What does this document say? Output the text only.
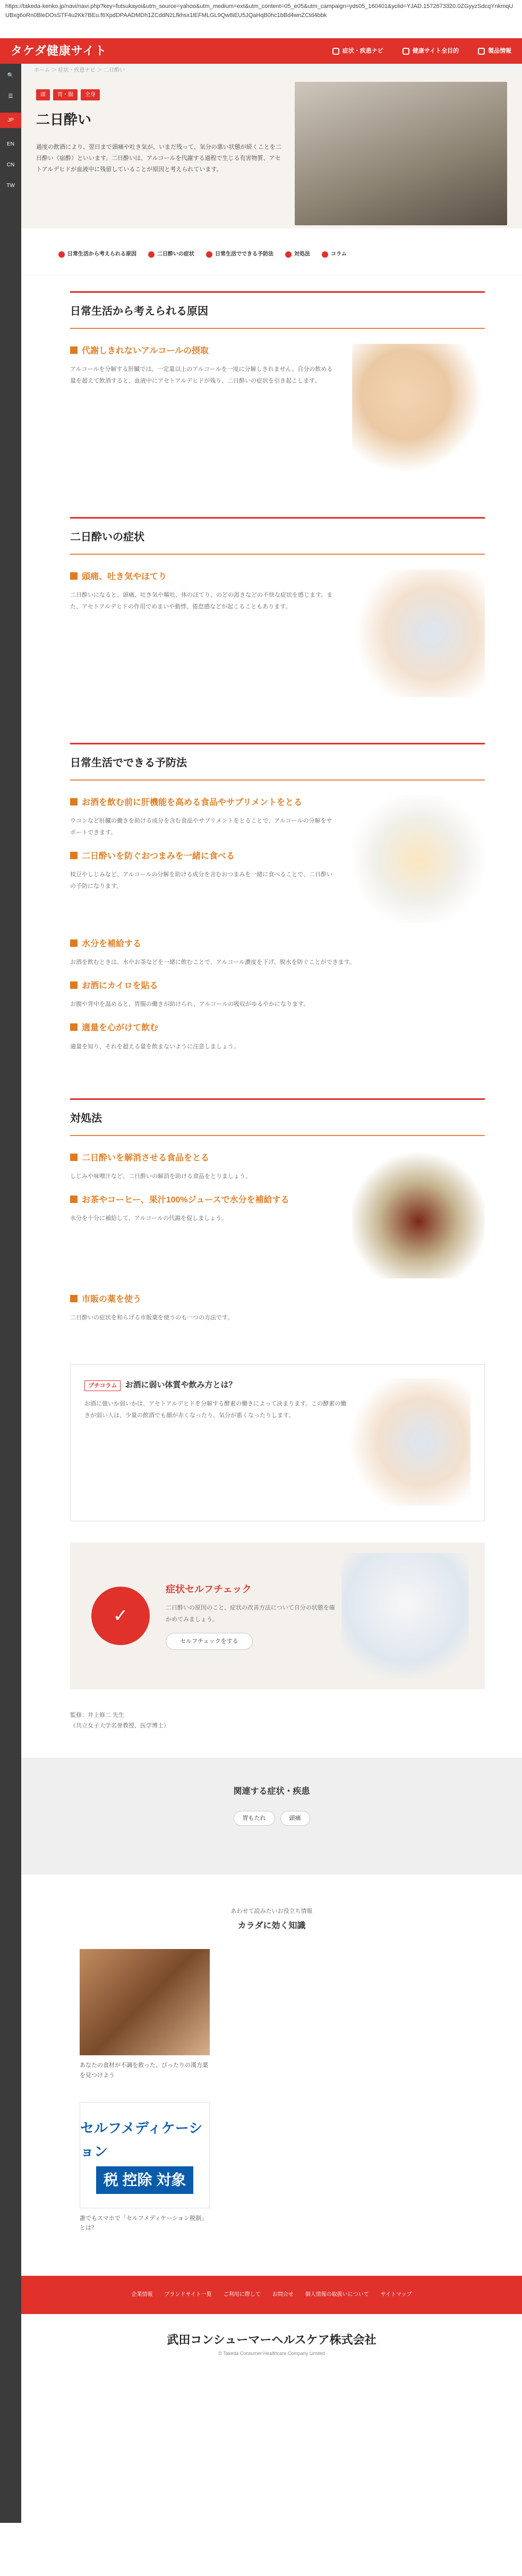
https://takeda-kenko.jp/navi/navi.php?key=futsukayoi&utm_source=yahoo&utm_medium=ext&utm_content=05_e05&utm_campaign=yds05_160401&yclid=YJAD.1572673320.0ZGyyzSdcqYnkmqUUBxg6oRn0BleDOsSTF4u2Kk7BEu.f6XpdDPAADMDh1ZCddN2Lfkhsx1lEFMLGL9Qw8iEU5JQaHqB0hc1bBd4wnZCtd4bbk
タケダ健康サイト	症状・疾患ナビ	健康サイト全目的	製品情報
🔍
☰
JP
EN
CN
TW
ホーム ＞ 症状・疾患ナビ ＞ 二日酔い
頭	胃・腸	全身
二日酔い

過度の飲酒により、翌日まで頭痛や吐き気が、いまだ残って、気分の悪い状態が続くことを二日酔い（宿酔）といいます。二日酔いは、アルコールを代謝する過程で生じる有害物質、アセトアルデヒドが血液中に残留していることが原因と考えられています。

日常生活から考えられる原因	二日酔いの症状	日常生活でできる予防法	対処法	コラム
日常生活から考えられる原因
代謝しきれないアルコールの摂取

アルコールを分解する肝臓では、一定量以上のアルコールを一度に分解しきれません。自分の飲める量を超えて飲酒すると、血液中にアセトアルデヒドが残り、二日酔いの症状を引き起こします。

二日酔いの症状
頭痛、吐き気やほてり

二日酔いになると、頭痛、吐き気や嘔吐、体のほてり、のどの渇きなどの不快な症状を感じます。また、アセトアルデヒドの作用でめまいや動悸、倦怠感などが起こることもあります。

日常生活でできる予防法
お酒を飲む前に肝機能を高める食品やサプリメントをとる

ウコンなど肝臓の働きを助ける成分を含む食品やサプリメントをとることで、アルコールの分解をサポートできます。

二日酔いを防ぐおつまみを一緒に食べる

枝豆やしじみなど、アルコールの分解を助ける成分を含むおつまみを一緒に食べることで、二日酔いの予防になります。

水分を補給する

お酒を飲むときは、水やお茶などを一緒に飲むことで、アルコール濃度を下げ、脱水を防ぐことができます。

お酒にカイロを貼る

お腹や背中を温めると、胃腸の働きが助けられ、アルコールの吸収がゆるやかになります。

適量を心がけて飲む

適量を知り、それを超える量を飲まないように注意しましょう。

対処法
二日酔いを解消させる食品をとる

しじみや味噌汁など、二日酔いの解消を助ける食品をとりましょう。

お茶やコーヒー、果汁100%ジュースで水分を補給する

水分を十分に補給して、アルコールの代謝を促しましょう。

市販の薬を使う

二日酔いの症状を和らげる市販薬を使うのも一つの方法です。

プチコラム お酒に弱い体質や飲み方とは？

お酒に強いか弱いかは、アセトアルデヒドを分解する酵素の働きによって決まります。この酵素の働きが弱い人は、少量の飲酒でも顔が赤くなったり、気分が悪くなったりします。

✓
症状セルフチェック

二日酔いの原因のこと、症状の改善方法について自分の状態を確かめてみましょう。

セルフチェックをする
監修：井上修二 先生
（共立女子大学名誉教授、医学博士）
関連する症状・疾患
胃もたれ	頭痛
あわせて読みたいお役立ち情報
カラダに効く知識

あなたの食材が不調を救った、びったりの漢方薬を見つけよう

セルフメディケーション
税 控除 対象

誰でもスマホで「セルフメディケーション税制」とは？

企業情報 ブランドサイト一覧 ご利用に際して お問合せ 個人情報の取扱いについて サイトマップ
武田コンシューマーヘルスケア株式会社
© Takeda Consumer Healthcare Company Limited
